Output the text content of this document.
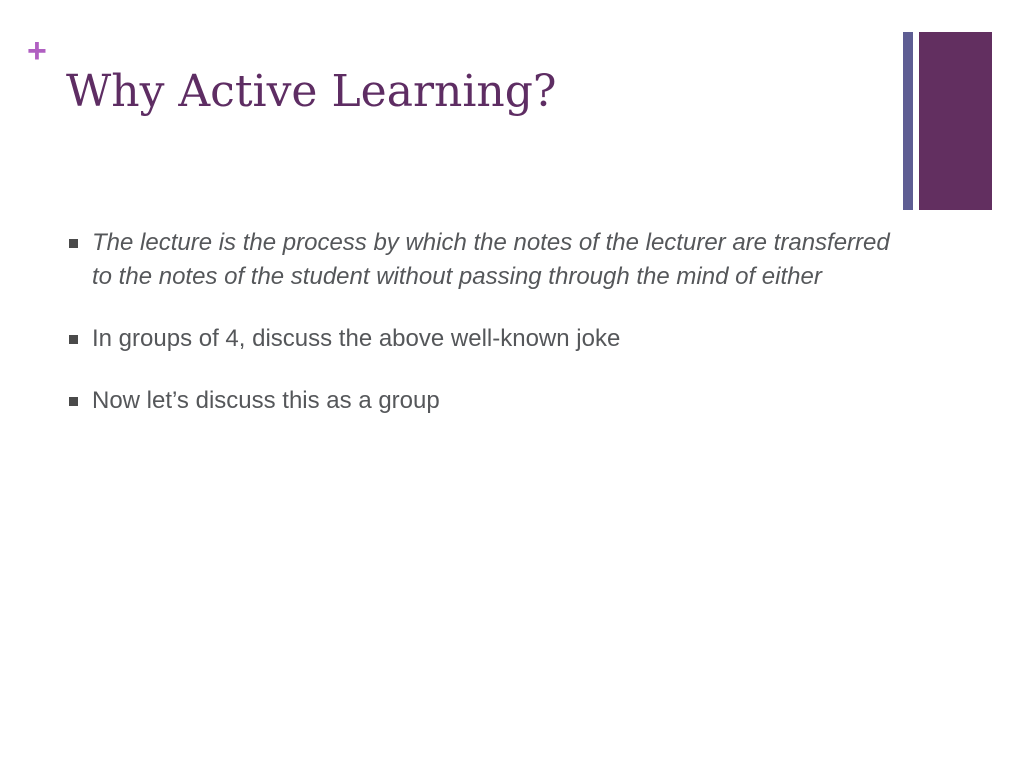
+
Why Active Learning?
The lecture is the process by which the notes of the lecturer are transferred to the notes of the student without passing through the mind of either
In groups of 4, discuss the above well-known joke
Now let’s discuss this as a group
